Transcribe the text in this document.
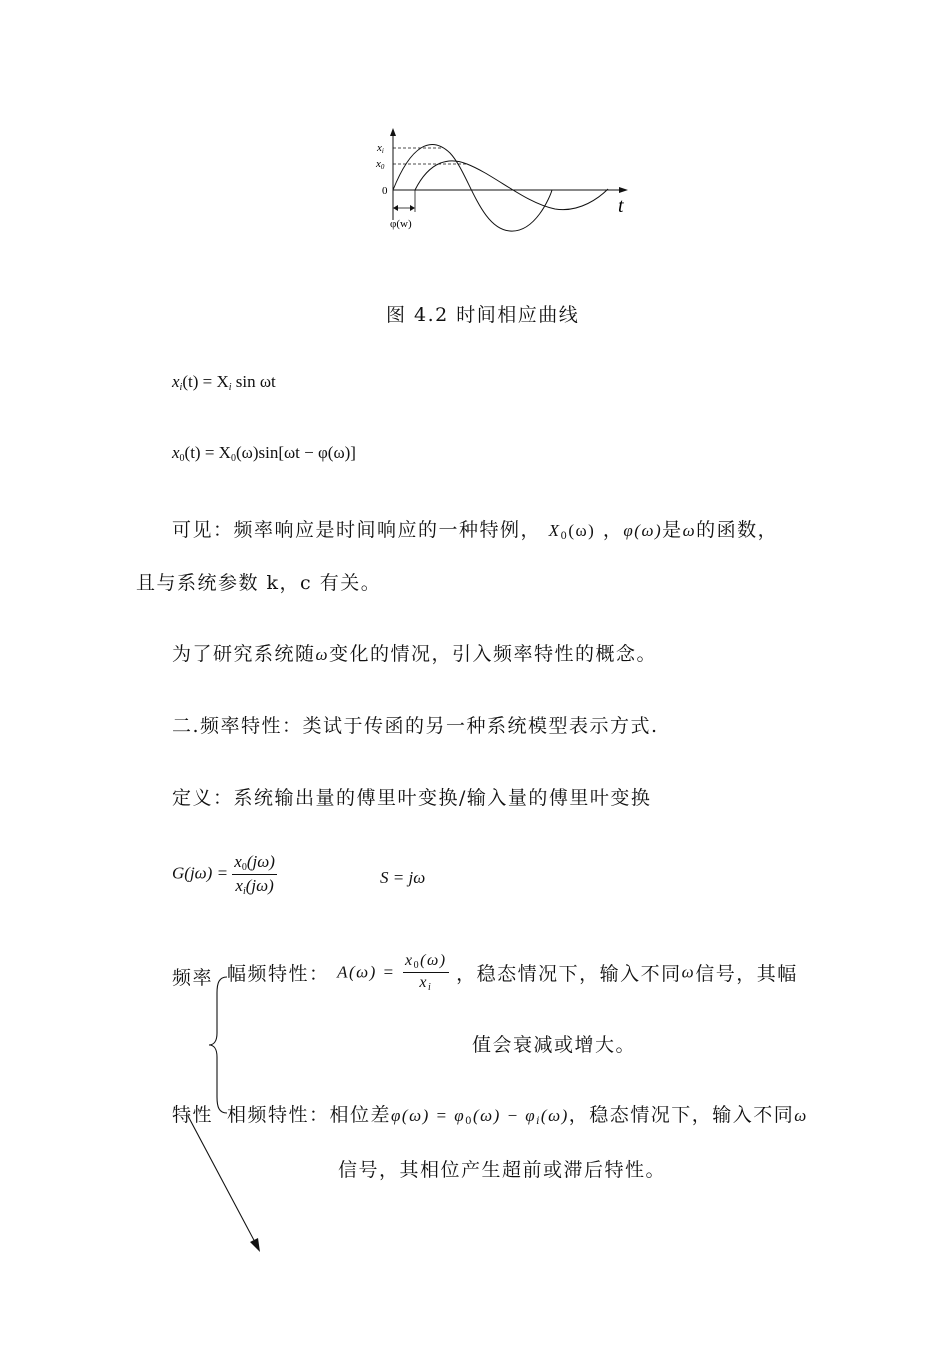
xi
x0
0
t
φ(w)
图 4.2 时间相应曲线
xi(t) = Xi sin ωt
$x_0(t) = X_0(\omega)\sin[\omega t - \varphi(\omega)]$
可见：频率响应是时间响应的一种特例， $X_0(\omega)$ ，φ(ω)是ω的函数，
且与系统参数 k，c 有关。
为了研究系统随ω变化的情况，引入频率特性的概念。
二.频率特性：类试于传函的另一种系统模型表示方式.
定义：系统输出量的傅里叶变换/输入量的傅里叶变换
$G(j\omega) = \frac{x_0(j\omega)}{xi(j\omega)}$	S = jω
频率
特性
幅频特性： $A(\omega) = \frac{x_0(\omega)}{xi}$ ，稳态情况下，输入不同ω信号，其幅
值会衰减或增大。
相频特性：相位差$\varphi(\omega) = \varphi_0(\omega) - \varphi i(\omega)$，稳态情况下，输入不同ω
信号，其相位产生超前或滞后特性。
